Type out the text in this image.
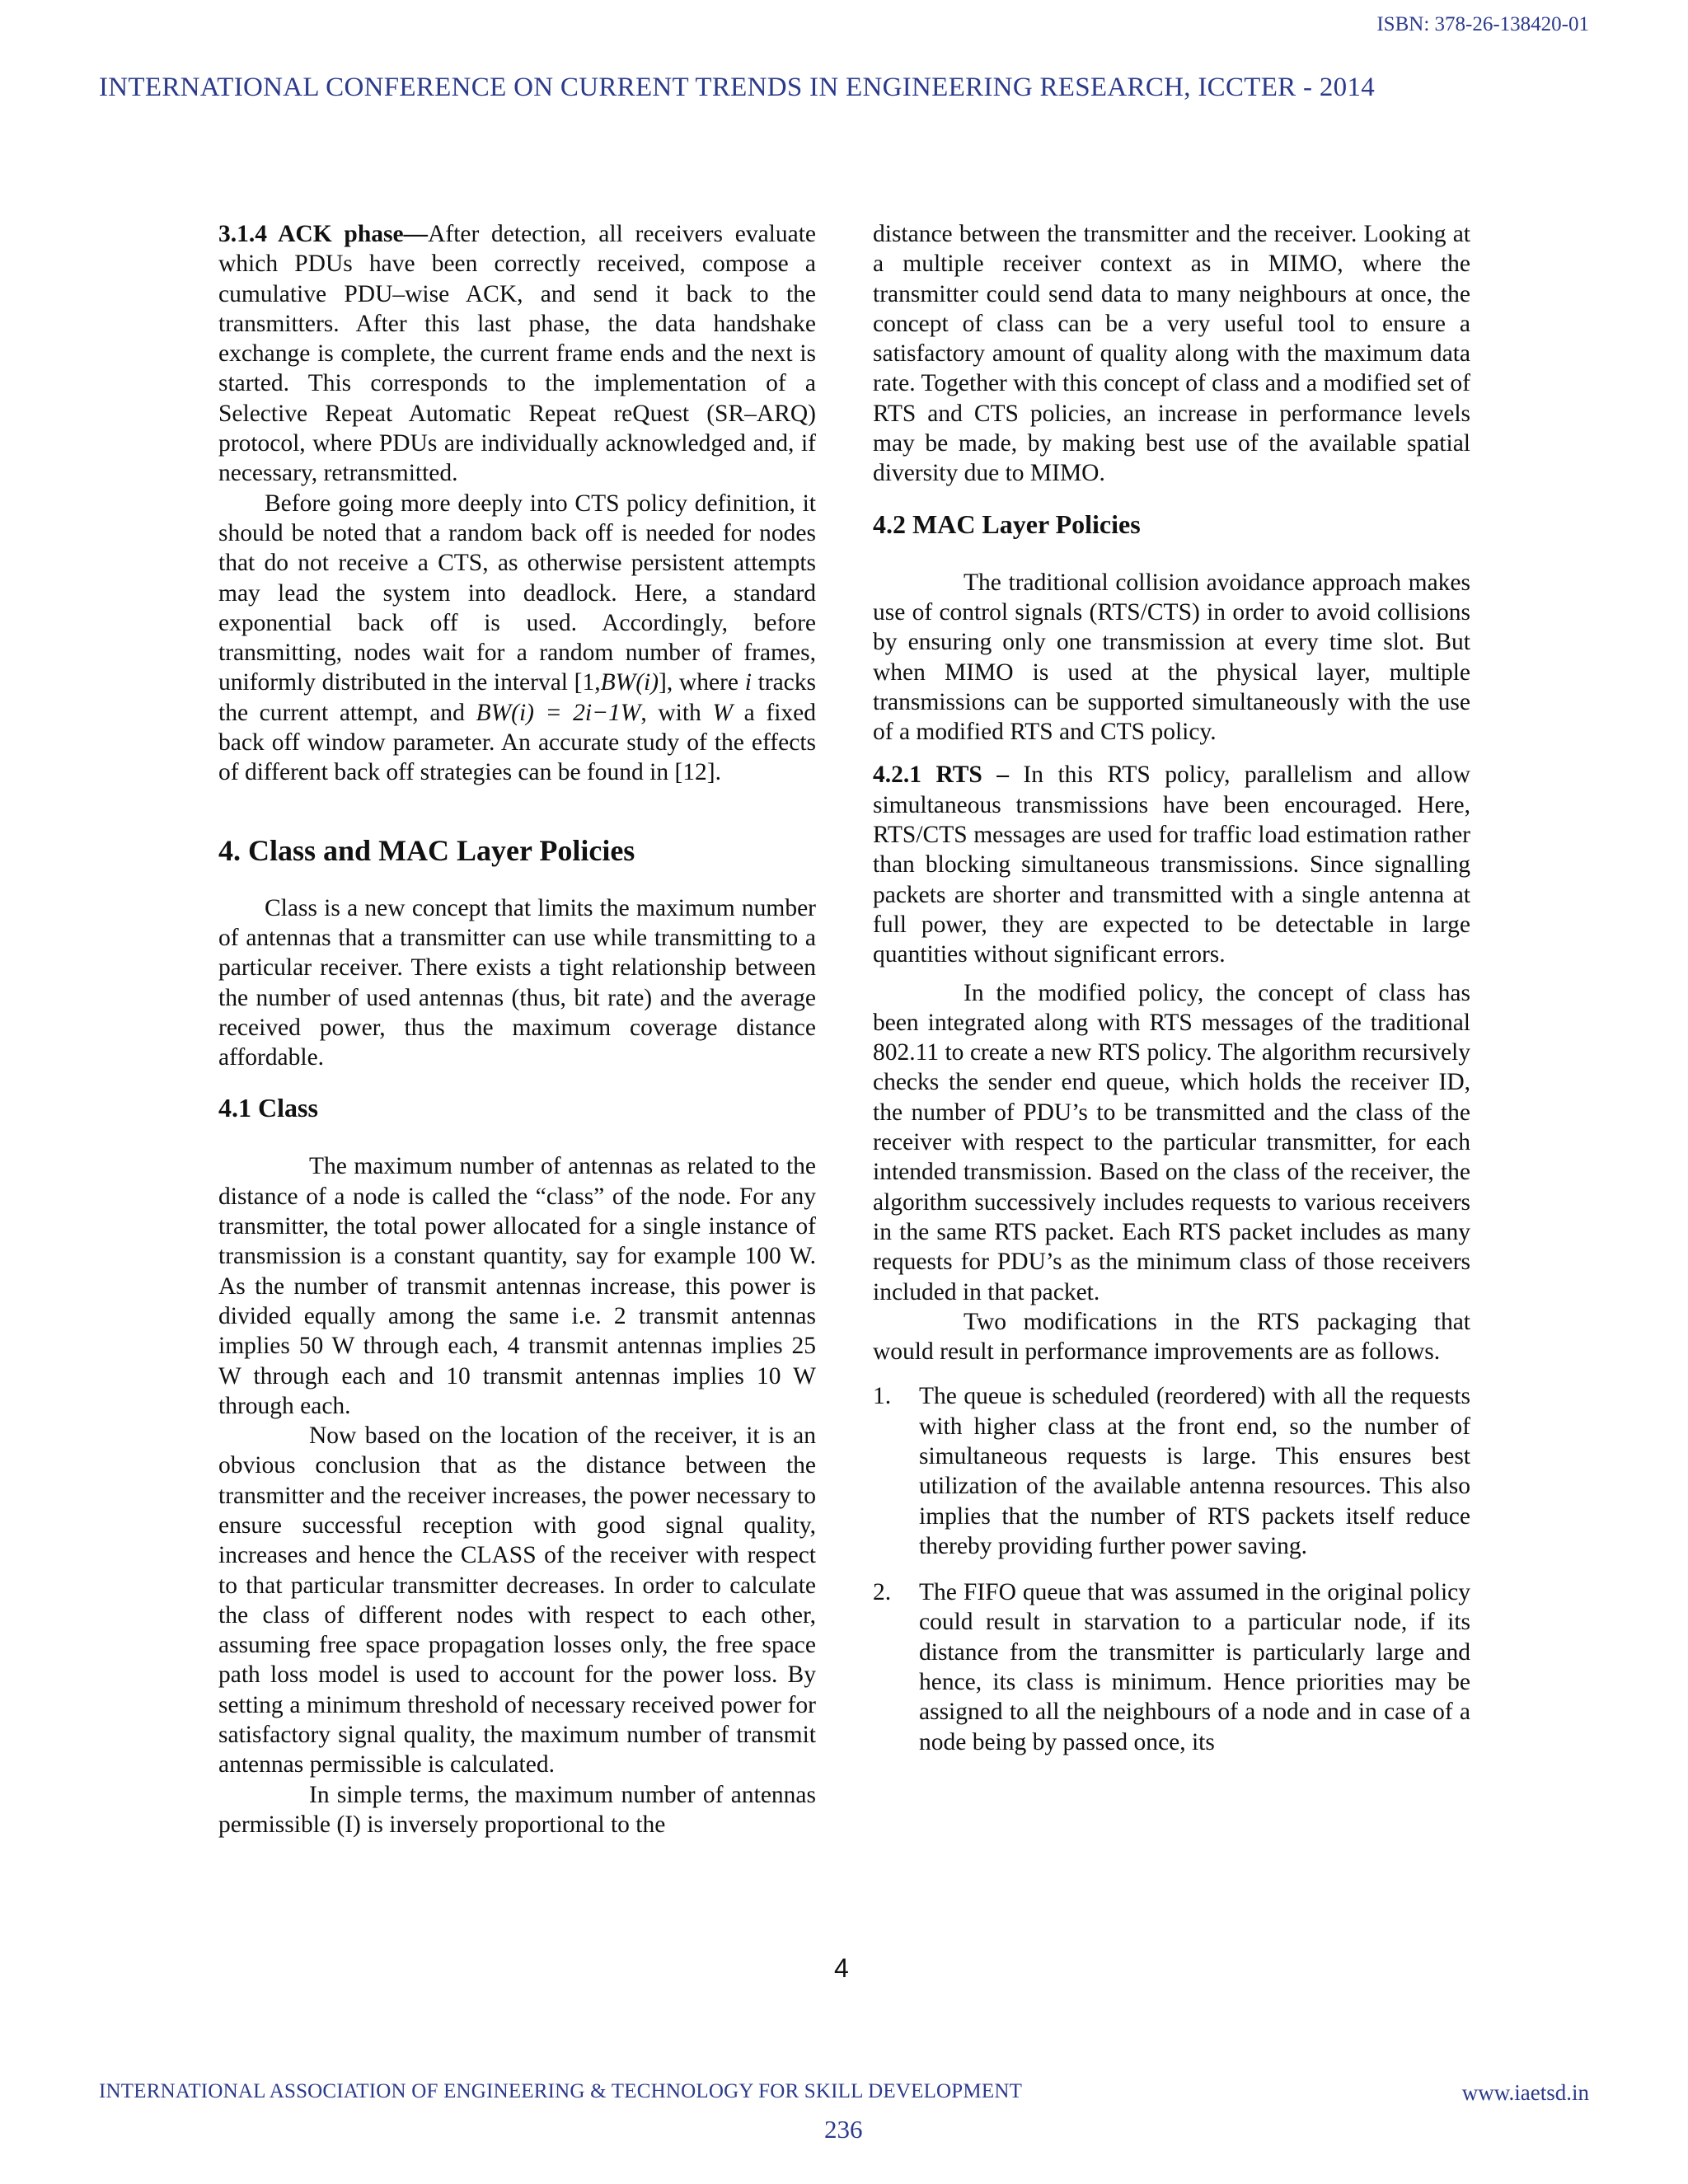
ISBN: 378-26-138420-01
INTERNATIONAL CONFERENCE ON CURRENT TRENDS IN ENGINEERING RESEARCH, ICCTER - 2014

3.1.4 ACK phase—After detection, all receivers evaluate which PDUs have been correctly received, compose a cumulative PDU–wise ACK, and send it back to the transmitters. After this last phase, the data handshake exchange is complete, the current frame ends and the next is started. This corresponds to the implementation of a Selective Repeat Automatic Repeat reQuest (SR–ARQ) protocol, where PDUs are individually acknowledged and, if necessary, retransmitted.

Before going more deeply into CTS policy definition, it should be noted that a random back off is needed for nodes that do not receive a CTS, as otherwise persistent attempts may lead the system into deadlock. Here, a standard exponential back off is used. Accordingly, before transmitting, nodes wait for a random number of frames, uniformly distributed in the interval [1,BW(i)], where i tracks the current attempt, and BW(i) = 2i−1W, with W a fixed back off window parameter. An accurate study of the effects of different back off strategies can be found in [12].

4. Class and MAC Layer Policies

Class is a new concept that limits the maximum number of antennas that a transmitter can use while transmitting to a particular receiver. There exists a tight relationship between the number of used antennas (thus, bit rate) and the average received power, thus the maximum coverage distance affordable.

4.1 Class

The maximum number of antennas as related to the distance of a node is called the “class” of the node. For any transmitter, the total power allocated for a single instance of transmission is a constant quantity, say for example 100 W. As the number of transmit antennas increase, this power is divided equally among the same i.e. 2 transmit antennas implies 50 W through each, 4 transmit antennas implies 25 W through each and 10 transmit antennas implies 10 W through each.

Now based on the location of the receiver, it is an obvious conclusion that as the distance between the transmitter and the receiver increases, the power necessary to ensure successful reception with good signal quality, increases and hence the CLASS of the receiver with respect to that particular transmitter decreases. In order to calculate the class of different nodes with respect to each other, assuming free space propagation losses only, the free space path loss model is used to account for the power loss. By setting a minimum threshold of necessary received power for satisfactory signal quality, the maximum number of transmit antennas permissible is calculated.

In simple terms, the maximum number of antennas permissible (I) is inversely proportional to the

distance between the transmitter and the receiver. Looking at a multiple receiver context as in MIMO, where the transmitter could send data to many neighbours at once, the concept of class can be a very useful tool to ensure a satisfactory amount of quality along with the maximum data rate. Together with this concept of class and a modified set of RTS and CTS policies, an increase in performance levels may be made, by making best use of the available spatial diversity due to MIMO.

4.2 MAC Layer Policies

The traditional collision avoidance approach makes use of control signals (RTS/CTS) in order to avoid collisions by ensuring only one transmission at every time slot. But when MIMO is used at the physical layer, multiple transmissions can be supported simultaneously with the use of a modified RTS and CTS policy.

4.2.1 RTS – In this RTS policy, parallelism and allow simultaneous transmissions have been encouraged. Here, RTS/CTS messages are used for traffic load estimation rather than blocking simultaneous transmissions. Since signalling packets are shorter and transmitted with a single antenna at full power, they are expected to be detectable in large quantities without significant errors.

In the modified policy, the concept of class has been integrated along with RTS messages of the traditional 802.11 to create a new RTS policy. The algorithm recursively checks the sender end queue, which holds the receiver ID, the number of PDU’s to be transmitted and the class of the receiver with respect to the particular transmitter, for each intended transmission. Based on the class of the receiver, the algorithm successively includes requests to various receivers in the same RTS packet. Each RTS packet includes as many requests for PDU’s as the minimum class of those receivers included in that packet.

Two modifications in the RTS packaging that would result in performance improvements are as follows.

1. The queue is scheduled (reordered) with all the requests with higher class at the front end, so the number of simultaneous requests is large. This ensures best utilization of the available antenna resources. This also implies that the number of RTS packets itself reduce thereby providing further power saving.
2. The FIFO queue that was assumed in the original policy could result in starvation to a particular node, if its distance from the transmitter is particularly large and hence, its class is minimum. Hence priorities may be assigned to all the neighbours of a node and in case of a node being by passed once, its
4
INTERNATIONAL ASSOCIATION OF ENGINEERING & TECHNOLOGY FOR SKILL DEVELOPMENT	www.iaetsd.in
236
